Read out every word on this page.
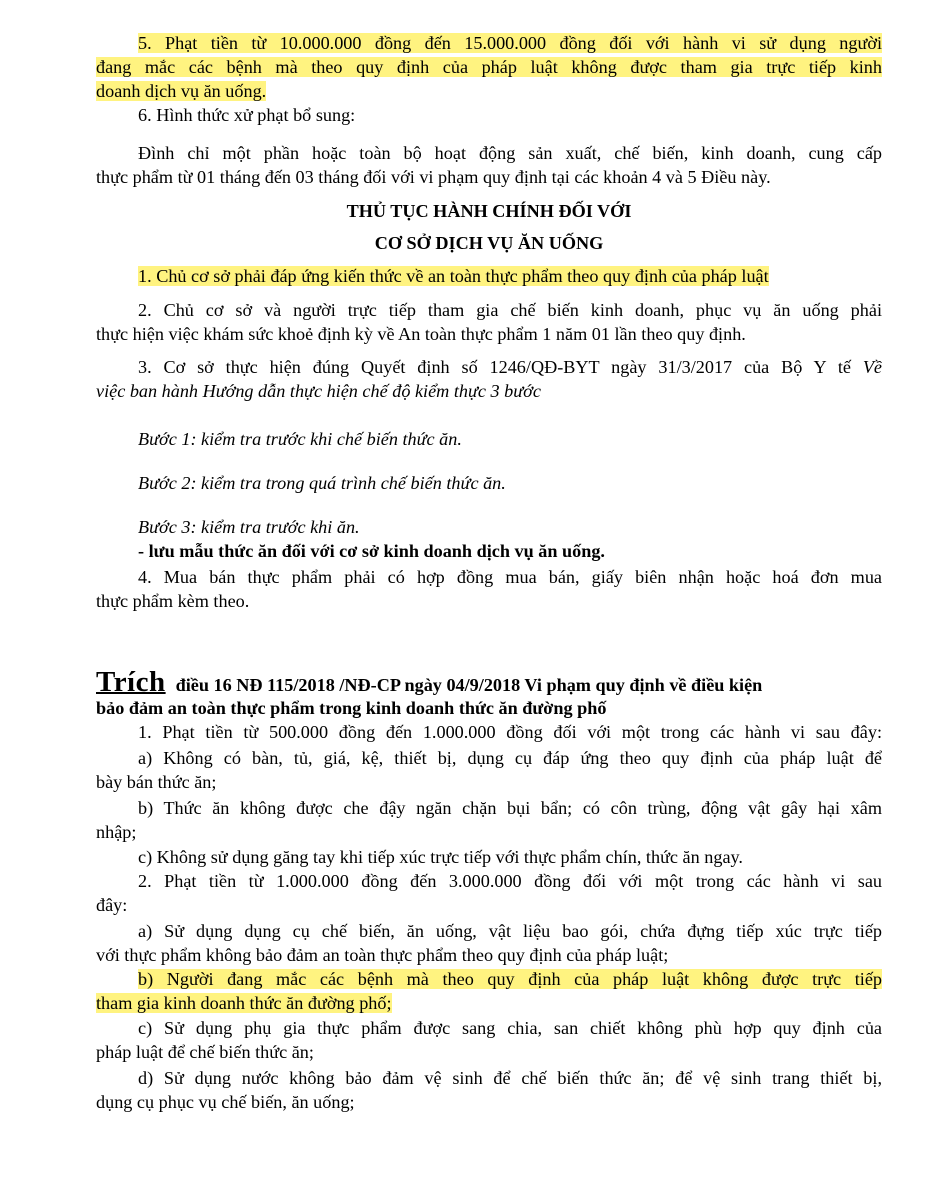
5. Phạt tiền từ 10.000.000 đồng đến 15.000.000 đồng đối với hành vi sử dụng người
đang mắc các bệnh mà theo quy định của pháp luật không được tham gia trực tiếp kinh
doanh dịch vụ ăn uống.
6. Hình thức xử phạt bổ sung:
Đình chỉ một phần hoặc toàn bộ hoạt động sản xuất, chế biến, kinh doanh, cung cấp
thực phẩm từ 01 tháng đến 03 tháng đối với vi phạm quy định tại các khoản 4 và 5 Điều này.
THỦ TỤC HÀNH CHÍNH ĐỐI VỚI
CƠ SỞ DỊCH VỤ ĂN UỐNG
1. Chủ cơ sở phải đáp ứng kiến thức về an toàn thực phẩm theo quy định của pháp luật
2. Chủ cơ sở và người trực tiếp tham gia chế biến kinh doanh, phục vụ ăn uống phải
thực hiện việc khám sức khoẻ định kỳ về An toàn thực phẩm 1 năm 01 lần theo quy định.
3. Cơ sở thực hiện đúng Quyết định số 1246/QĐ-BYT ngày 31/3/2017 của Bộ Y tế Về
việc ban hành Hướng dẫn thực hiện chế độ kiểm thực 3 bước
Bước 1: kiểm tra trước khi chế biến thức ăn.
Bước 2: kiểm tra trong quá trình chế biến thức ăn.
Bước 3: kiểm tra trước khi ăn.
- lưu mẫu thức ăn đối với cơ sở kinh doanh dịch vụ ăn uống.
4. Mua bán thực phẩm phải có hợp đồng mua bán, giấy biên nhận hoặc hoá đơn mua
thực phẩm kèm theo.
Trích điều 16 NĐ 115/2018 /NĐ-CP ngày 04/9/2018 Vi phạm quy định về điều kiện
bảo đảm an toàn thực phẩm trong kinh doanh thức ăn đường phố
1. Phạt tiền từ 500.000 đồng đến 1.000.000 đồng đối với một trong các hành vi sau đây:
a) Không có bàn, tủ, giá, kệ, thiết bị, dụng cụ đáp ứng theo quy định của pháp luật để
bày bán thức ăn;
b) Thức ăn không được che đậy ngăn chặn bụi bẩn; có côn trùng, động vật gây hại xâm
nhập;
c) Không sử dụng găng tay khi tiếp xúc trực tiếp với thực phẩm chín, thức ăn ngay.
2. Phạt tiền từ 1.000.000 đồng đến 3.000.000 đồng đối với một trong các hành vi sau
đây:
a) Sử dụng dụng cụ chế biến, ăn uống, vật liệu bao gói, chứa đựng tiếp xúc trực tiếp
với thực phẩm không bảo đảm an toàn thực phẩm theo quy định của pháp luật;
b) Người đang mắc các bệnh mà theo quy định của pháp luật không được trực tiếp
tham gia kinh doanh thức ăn đường phố;
c) Sử dụng phụ gia thực phẩm được sang chia, san chiết không phù hợp quy định của
pháp luật để chế biến thức ăn;
d) Sử dụng nước không bảo đảm vệ sinh để chế biến thức ăn; để vệ sinh trang thiết bị,
dụng cụ phục vụ chế biến, ăn uống;
